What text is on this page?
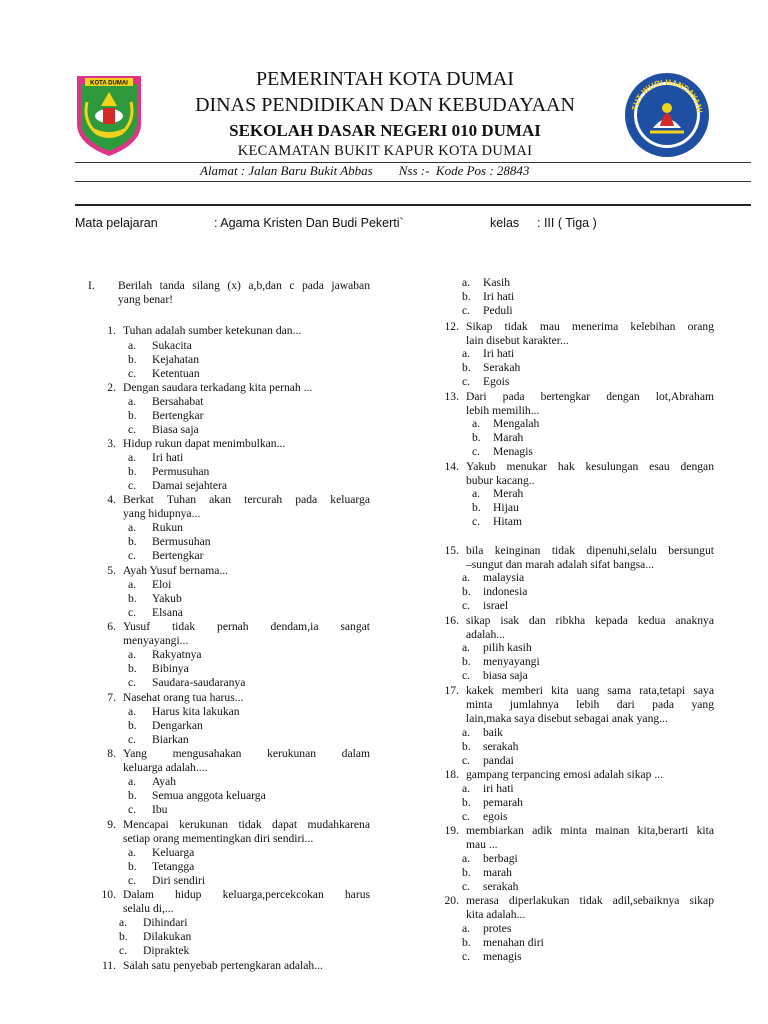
KOTA DUMAI
TUT WURI HANDAYANI
PEMERINTAH KOTA DUMAI
DINAS PENDIDIKAN DAN KEBUDAYAAN
SEKOLAH DASAR NEGERI 010 DUMAI
KECAMATAN BUKIT KAPUR KOTA DUMAI
Alamat : Jalan Baru Bukit Abbas        Nss :-  Kode Pos : 28843
Mata pelajaran	: Agama Kristen Dan Budi Pekerti`	kelas : III ( Tiga )
I. Berilah tanda silang (x) a,b,dan c pada jawaban
yang benar!
1. Tuhan adalah sumber ketekunan dan...
a. Sukacita
b. Kejahatan
c. Ketentuan
2. Dengan saudara terkadang kita pernah ...
a. Bersahabat
b. Bertengkar
c. Biasa saja
3. Hidup rukun dapat menimbulkan...
a. Iri hati
b. Permusuhan
c. Damai sejahtera
4. Berkat Tuhan akan tercurah pada keluarga
yang hidupnya...
a. Rukun
b. Bermusuhan
c. Bertengkar
5. Ayah Yusuf bernama...
a. Eloi
b. Yakub
c. Elsana
6. Yusuf tidak pernah dendam,ia sangat
menyayangi...
a. Rakyatnya
b. Bibinya
c. Saudara-saudaranya
7. Nasehat orang tua harus...
a. Harus kita lakukan
b. Dengarkan
c. Biarkan
8. Yang mengusahakan kerukunan dalam
keluarga adalah....
a. Ayah
b. Semua anggota keluarga
c. Ibu
9. Mencapai kerukunan tidak dapat mudahkarena
setiap orang mementingkan diri sendiri...
a. Keluarga
b. Tetangga
c. Diri sendiri
10. Dalam hidup keluarga,percekcokan harus
selalu di,...
a. Dihindari
b. Dilakukan
c. Dipraktek
11. Salah satu penyebab pertengkaran adalah...
a. Kasih
b. Iri hati
c. Peduli
12. Sikap tidak mau menerima kelebihan orang
lain disebut karakter...
a. Iri hati
b. Serakah
c. Egois
13. Dari pada bertengkar dengan lot,Abraham
lebih memilih...
a. Mengalah
b. Marah
c. Menagis
14. Yakub menukar hak kesulungan esau dengan
bubur kacang..
a. Merah
b. Hijau
c. Hitam
15. bila keinginan tidak dipenuhi,selalu bersungut
–sungut dan marah adalah sifat bangsa...
a. malaysia
b. indonesia
c. israel
16. sikap isak dan ribkha kepada kedua anaknya
adalah...
a. pilih kasih
b. menyayangi
c. biasa saja
17. kakek memberi kita uang sama rata,tetapi saya
minta jumlahnya lebih dari pada yang
lain,maka saya disebut sebagai anak yang...
a. baik
b. serakah
c. pandai
18. gampang terpancing emosi adalah sikap ...
a. iri hati
b. pemarah
c. egois
19. membiarkan adik minta mainan kita,berarti kita
mau ...
a. berbagi
b. marah
c. serakah
20. merasa diperlakukan tidak adil,sebaiknya sikap
kita adalah...
a. protes
b. menahan diri
c. menagis
